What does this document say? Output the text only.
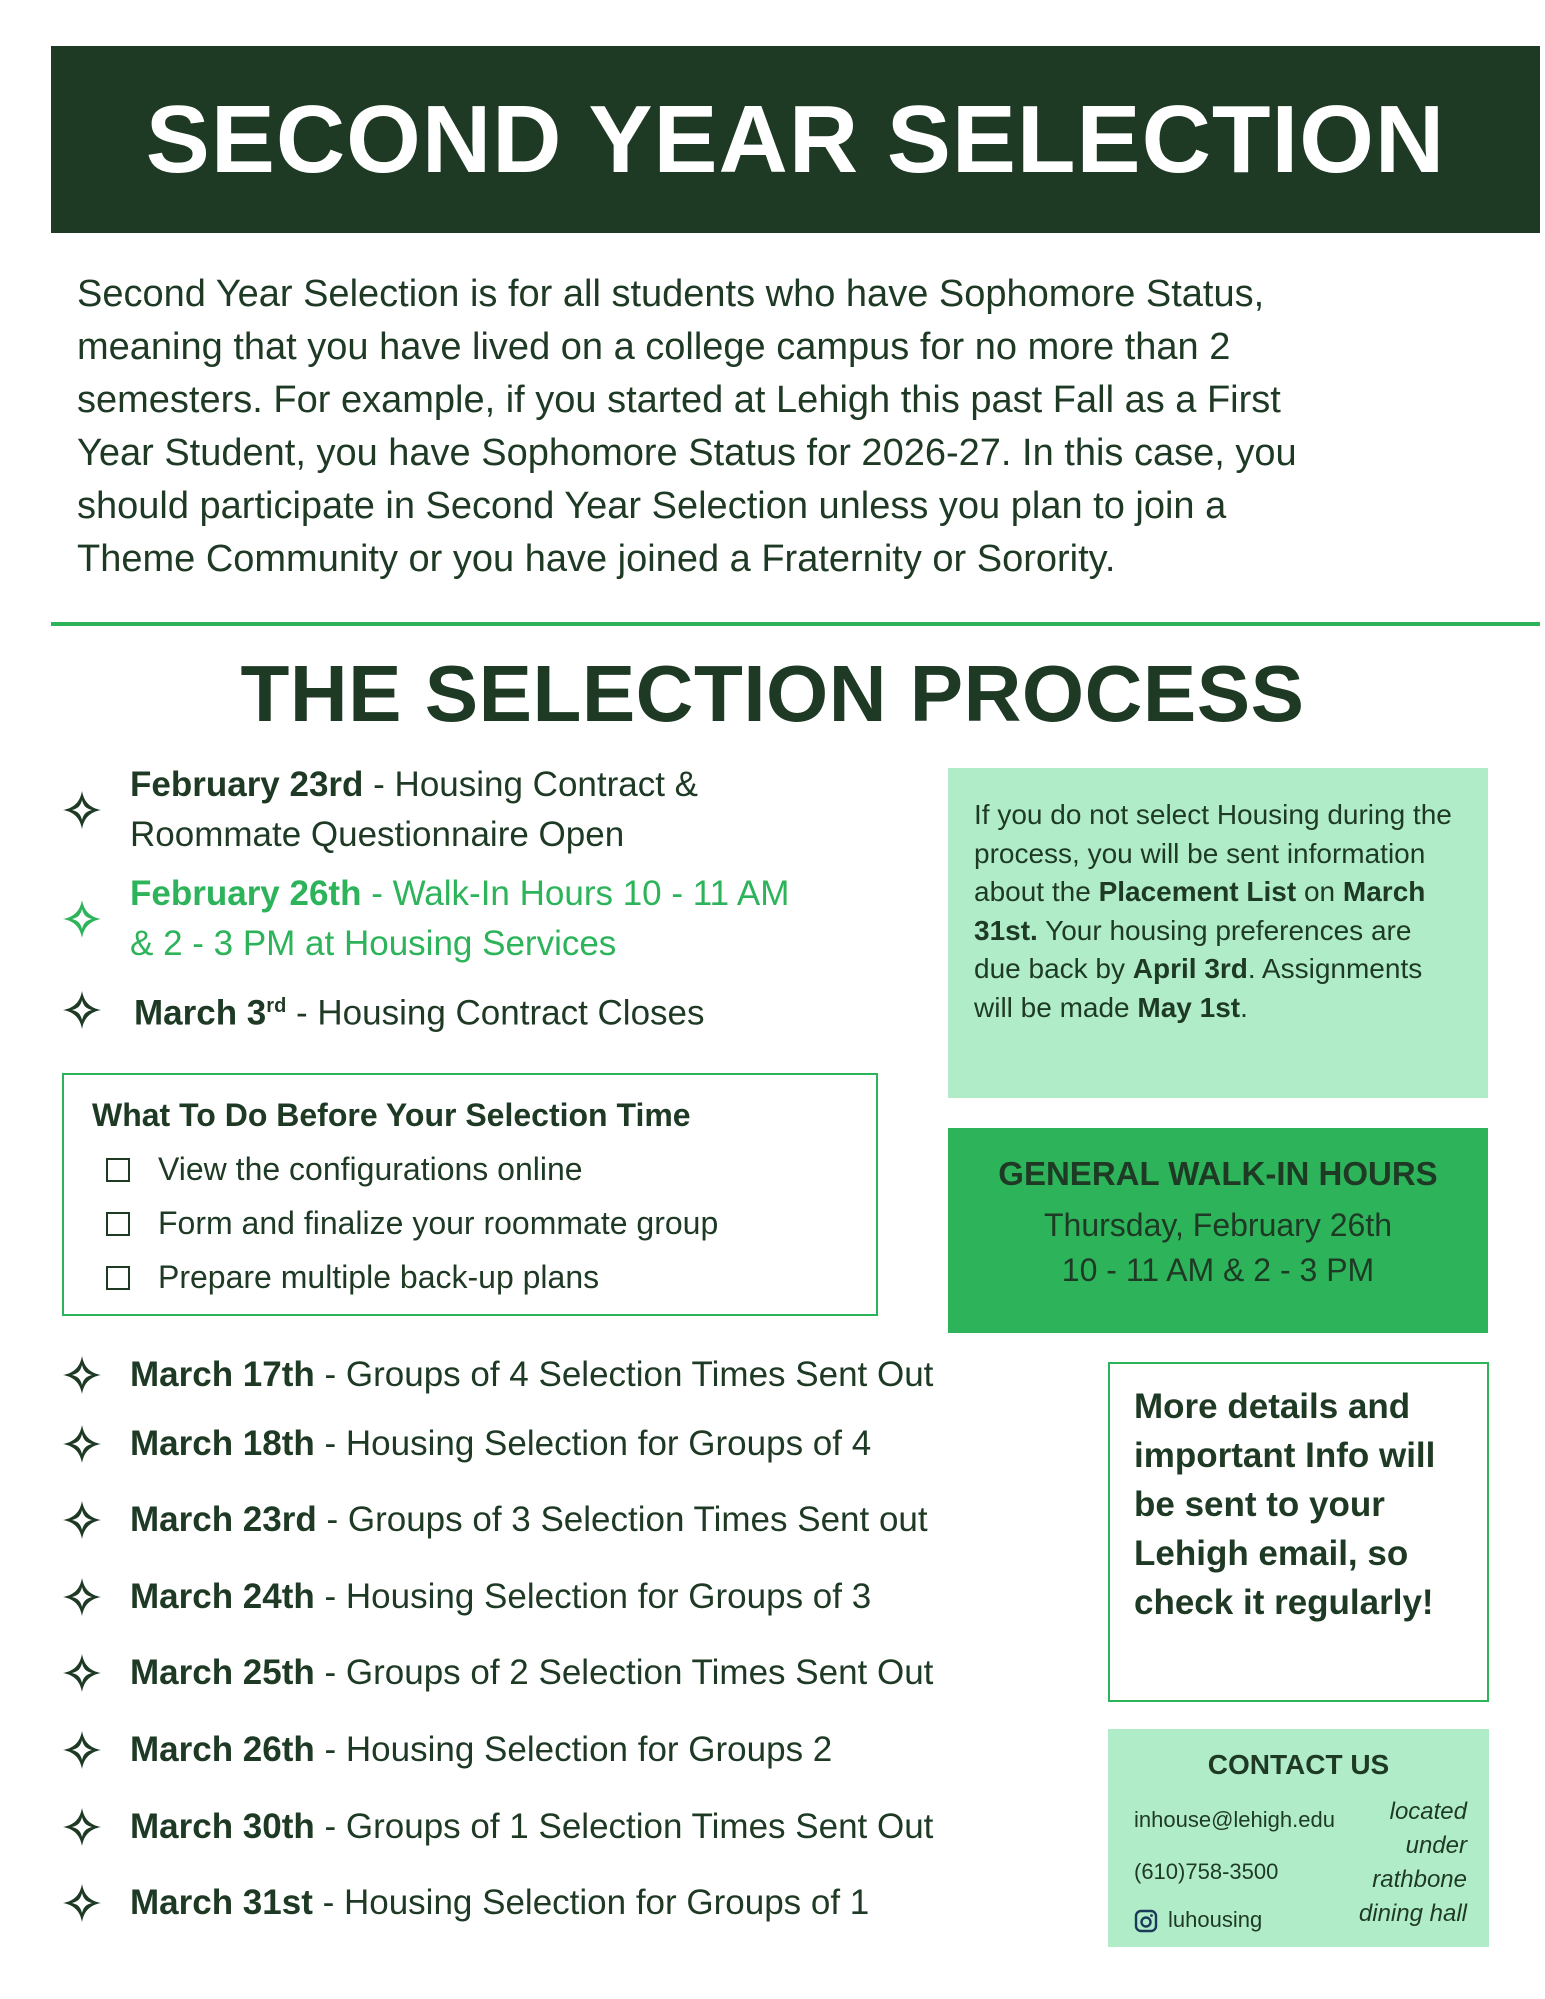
SECOND YEAR SELECTION
Second Year Selection is for all students who have Sophomore Status,
meaning that you have lived on a college campus for no more than 2
semesters. For example, if you started at Lehigh this past Fall as a First
Year Student, you have Sophomore Status for 2026-27. In this case, you
should participate in Second Year Selection unless you plan to join a
Theme Community or you have joined a Fraternity or Sorority.
THE SELECTION PROCESS
February 23rd - Housing Contract &
Roommate Questionnaire Open
February 26th - Walk-In Hours 10 - 11 AM
& 2 - 3 PM at Housing Services
March 3rd - Housing Contract Closes
What To Do Before Your Selection Time
View the configurations online
Form and finalize your roommate group
Prepare multiple back-up plans
March 17th - Groups of 4 Selection Times Sent Out
March 18th - Housing Selection for Groups of 4
March 23rd - Groups of 3 Selection Times Sent out
March 24th - Housing Selection for Groups of 3
March 25th - Groups of 2 Selection Times Sent Out
March 26th - Housing Selection for Groups 2
March 30th - Groups of 1 Selection Times Sent Out
March 31st - Housing Selection for Groups of 1
If you do not select Housing during the process, you will be sent information about the Placement List on March 31st. Your housing preferences are due back by April 3rd. Assignments will be made May 1st.
GENERAL WALK-IN HOURS
Thursday, February 26th
10 - 11 AM & 2 - 3 PM
More details and important Info will be sent to your Lehigh email, so check it regularly!
CONTACT US
inhouse@lehigh.edu
(610)758-3500
luhousing
located
under
rathbone
dining hall
